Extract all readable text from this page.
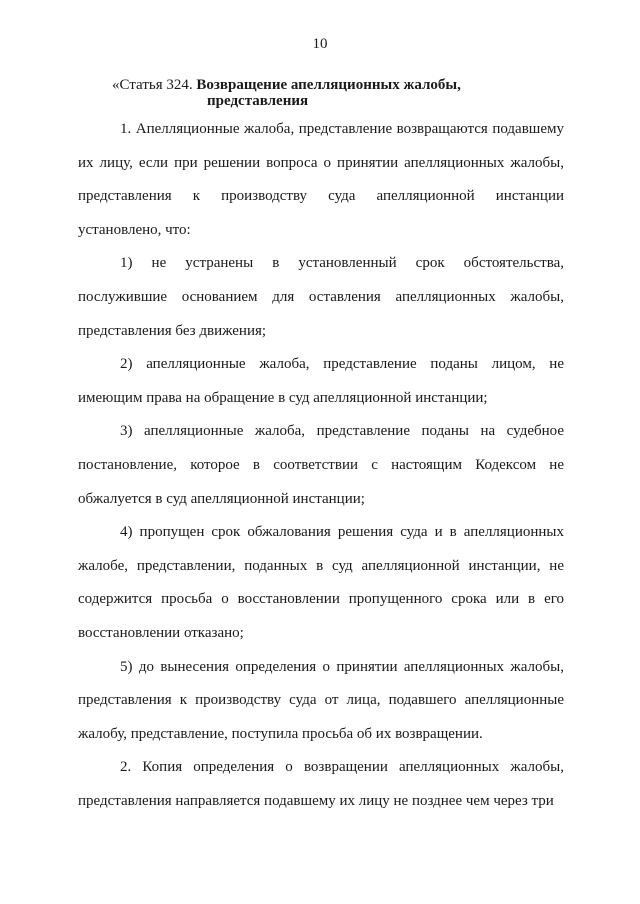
10
«Статья 324. Возвращение апелляционных жалобы,
представления

1. Апелляционные жалоба, представление возвращаются подавшему их лицу, если при решении вопроса о принятии апелляционных жалобы, представления к производству суда апелляционной инстанции установлено, что:

1) не устранены в установленный срок обстоятельства, послужившие основанием для оставления апелляционных жалобы, представления без движения;

2) апелляционные жалоба, представление поданы лицом, не имеющим права на обращение в суд апелляционной инстанции;

3) апелляционные жалоба, представление поданы на судебное постановление, которое в соответствии с настоящим Кодексом не обжалуется в суд апелляционной инстанции;

4) пропущен срок обжалования решения суда и в апелляционных жалобе, представлении, поданных в суд апелляционной инстанции, не содержится просьба о восстановлении пропущенного срока или в его восстановлении отказано;

5) до вынесения определения о принятии апелляционных жалобы, представления к производству суда от лица, подавшего апелляционные жалобу, представление, поступила просьба об их возвращении.

2. Копия определения о возвращении апелляционных жалобы, представления направляется подавшему их лицу не позднее чем через три
